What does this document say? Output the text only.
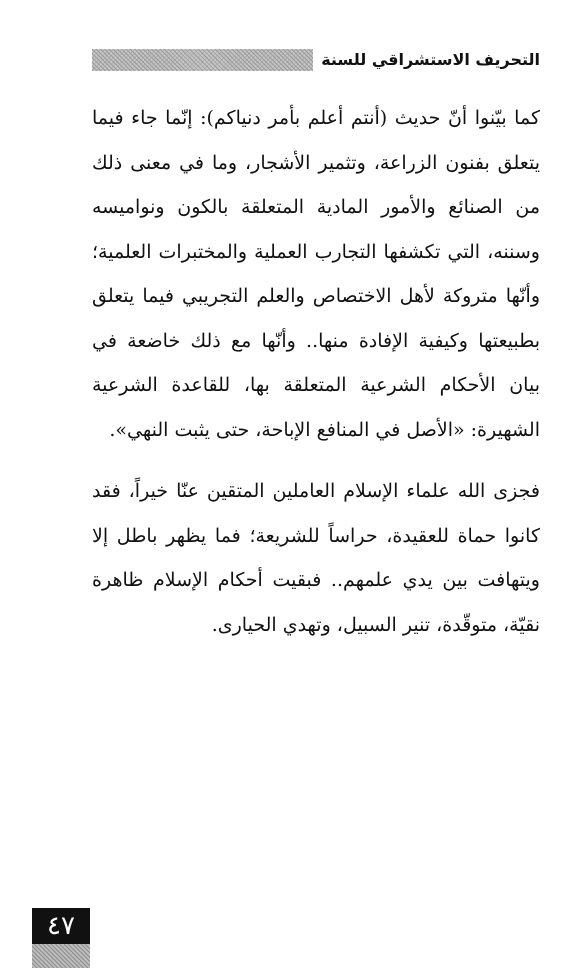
التحريف الاستشراقي للسنة

كما بيّنوا أنّ حديث (أنتم أعلم بأمر دنياكم): إنّما جاء فيما يتعلق بفنون الزراعة، وتثمير الأشجار، وما في معنى ذلك من الصنائع والأمور المادية المتعلقة بالكون ونواميسه وسننه، التي تكشفها التجارب العملية والمختبرات العلمية؛ وأنّها متروكة لأهل الاختصاص والعلم التجريبي فيما يتعلق بطبيعتها وكيفية الإفادة منها.. وأنّها مع ذلك خاضعة في بيان الأحكام الشرعية المتعلقة بها، للقاعدة الشرعية الشهيرة: «الأصل في المنافع الإباحة، حتى يثبت النهي».

فجزى الله علماء الإسلام العاملين المتقين عنّا خيراً، فقد كانوا حماة للعقيدة، حراساً للشريعة؛ فما يظهر باطل إلا ويتهافت بين يدي علمهم.. فبقيت أحكام الإسلام ظاهرة نقيّة، متوقّدة، تنير السبيل، وتهدي الحيارى.

٤٧
